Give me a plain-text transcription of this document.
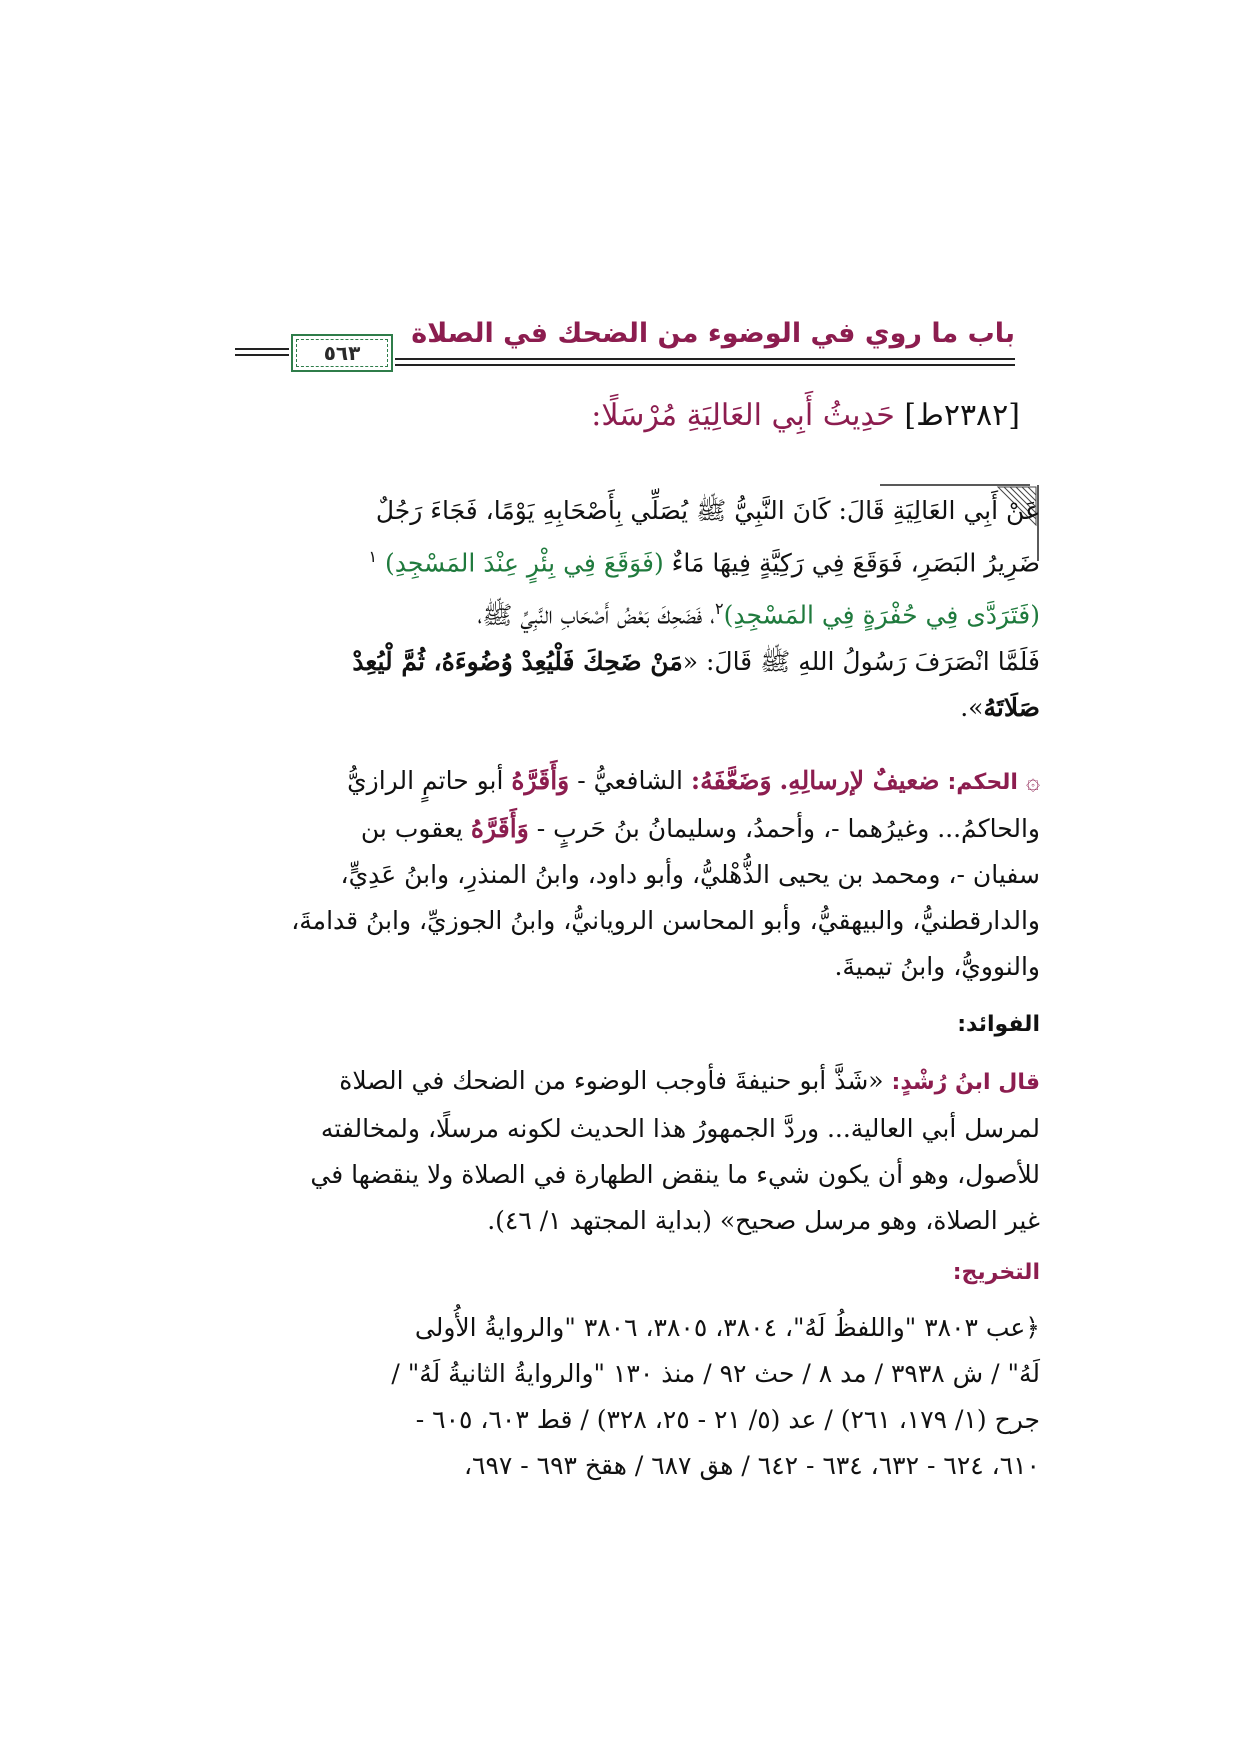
باب ما روي في الوضوء من الضحك في الصلاة
٥٦٣
[٢٣٨٢ط] حَدِيثُ أَبِي العَالِيَةِ مُرْسَلًا:
عَنْ أَبِي العَالِيَةِ قَالَ: كَانَ النَّبِيُّ ﷺ يُصَلِّي بِأَصْحَابِهِ يَوْمًا، فَجَاءَ رَجُلٌ
ضَرِيرُ البَصَرِ، فَوَقَعَ فِي رَكِيَّةٍ فِيهَا مَاءٌ (فَوَقَعَ فِي بِئْرٍ عِنْدَ المَسْجِدِ) $^١$
(فَتَرَدَّى فِي حُفْرَةٍ فِي المَسْجِدِ)$^٢$، فَضَحِكَ بَعْضُ أَصْحَابِ النَّبِيِّ ﷺ،
فَلَمَّا انْصَرَفَ رَسُولُ اللهِ ﷺ قَالَ: «مَنْ ضَحِكَ فَلْيُعِدْ وُضُوءَهُ، ثُمَّ لْيُعِدْ
صَلَاتَهُ».
۞ الحكم: ضعيفٌ لإرسالِهِ. وَضَعَّفَهُ: الشافعيُّ - وَأَقَرَّهُ أبو حاتمٍ الرازيُّ
والحاكمُ... وغيرُهما -، وأحمدُ، وسليمانُ بنُ حَربٍ - وَأَقَرَّهُ يعقوب بن
سفيان -، ومحمد بن يحيى الذُّهْليُّ، وأبو داود، وابنُ المنذرِ، وابنُ عَدِيٍّ،
والدارقطنيُّ، والبيهقيُّ، وأبو المحاسن الرويانيُّ، وابنُ الجوزيِّ، وابنُ قدامةَ،
والنوويُّ، وابنُ تيميةَ.
الفوائد:
قال ابنُ رُشْدٍ: «شَذَّ أبو حنيفةَ فأوجب الوضوء من الضحك في الصلاة
لمرسل أبي العالية... وردَّ الجمهورُ هذا الحديث لكونه مرسلًا، ولمخالفته
للأصول، وهو أن يكون شيء ما ينقض الطهارة في الصلاة ولا ينقضها في
غير الصلاة، وهو مرسل صحيح» (بداية المجتهد ١/ ٤٦).
التخريج:
﴿عب ٣٨٠٣ "واللفظُ لَهُ"، ٣٨٠٤، ٣٨٠٥، ٣٨٠٦ "والروايةُ الأُولى
لَهُ" / ش ٣٩٣٨ / مد ٨ / حث ٩٢ / منذ ١٣٠ "والروايةُ الثانيةُ لَهُ" /
جرح (١/ ١٧٩، ٢٦١) / عد (٥/ ٢١ - ٢٥، ٣٢٨) / قط ٦٠٣، ٦٠٥ -
٦١٠، ٦٢٤ - ٦٣٢، ٦٣٤ - ٦٤٢ / هق ٦٨٧ / هقخ ٦٩٣ - ٦٩٧،
